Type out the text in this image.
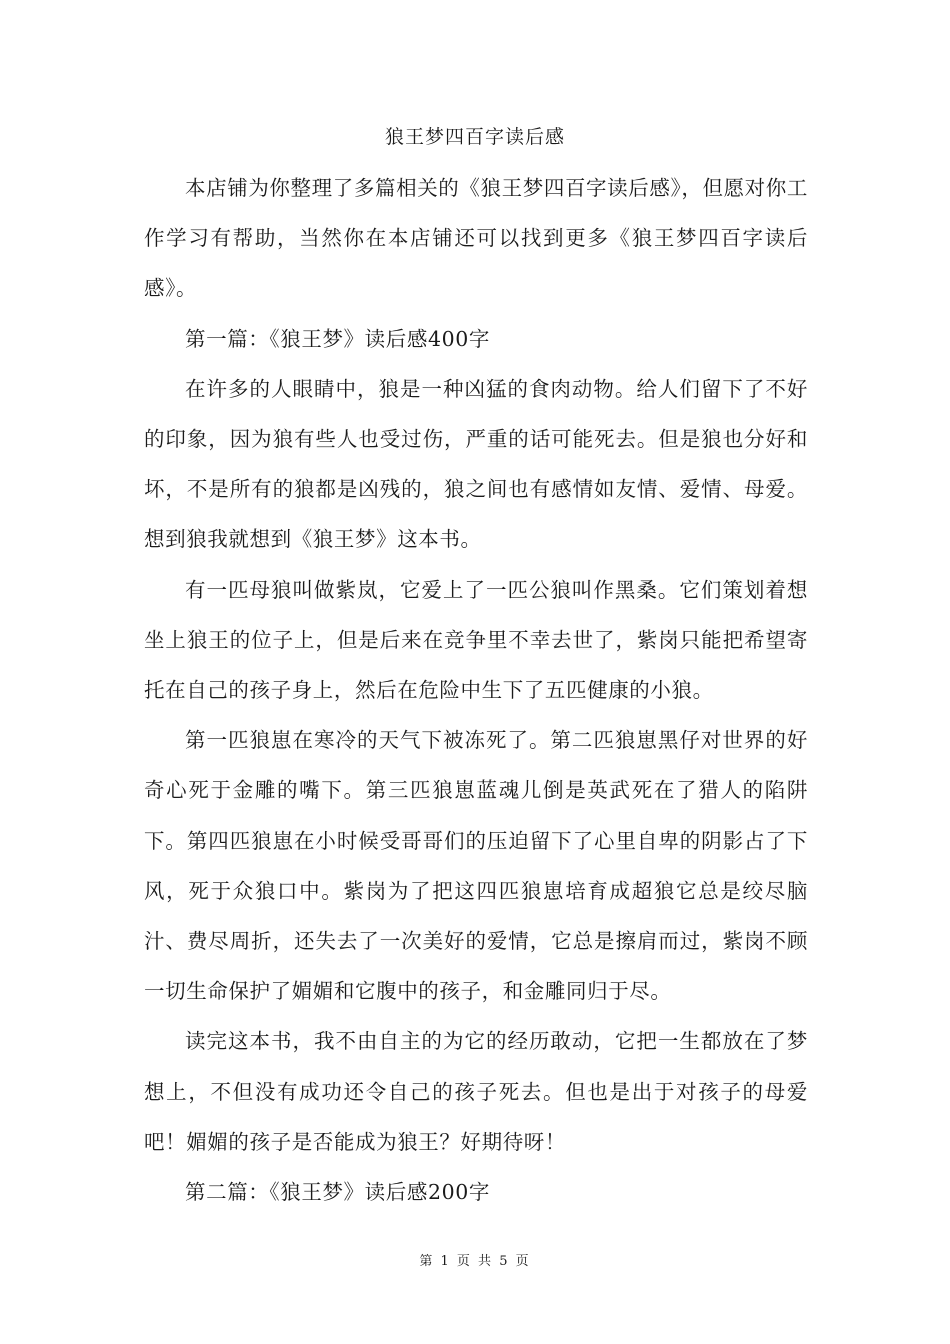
狼王梦四百字读后感

本店铺为你整理了多篇相关的《狼王梦四百字读后感》，但愿对你工作学习有帮助，当然你在本店铺还可以找到更多《狼王梦四百字读后感》。

第一篇：《狼王梦》读后感400字

在许多的人眼睛中，狼是一种凶猛的食肉动物。给人们留下了不好的印象，因为狼有些人也受过伤，严重的话可能死去。但是狼也分好和坏，不是所有的狼都是凶残的，狼之间也有感情如友情、爱情、母爱。想到狼我就想到《狼王梦》这本书。

有一匹母狼叫做紫岚，它爱上了一匹公狼叫作黑桑。它们策划着想坐上狼王的位子上，但是后来在竞争里不幸去世了，紫岗只能把希望寄托在自己的孩子身上，然后在危险中生下了五匹健康的小狼。

第一匹狼崽在寒冷的天气下被冻死了。第二匹狼崽黑仔对世界的好奇心死于金雕的嘴下。第三匹狼崽蓝魂儿倒是英武死在了猎人的陷阱下。第四匹狼崽在小时候受哥哥们的压迫留下了心里自卑的阴影占了下风，死于众狼口中。紫岗为了把这四匹狼崽培育成超狼它总是绞尽脑汁、费尽周折，还失去了一次美好的爱情，它总是擦肩而过，紫岗不顾一切生命保护了媚媚和它腹中的孩子，和金雕同归于尽。

读完这本书，我不由自主的为它的经历敢动，它把一生都放在了梦想上，不但没有成功还令自己的孩子死去。但也是出于对孩子的母爱吧！媚媚的孩子是否能成为狼王？好期待呀！

第二篇：《狼王梦》读后感200字

第 1 页 共 5 页
